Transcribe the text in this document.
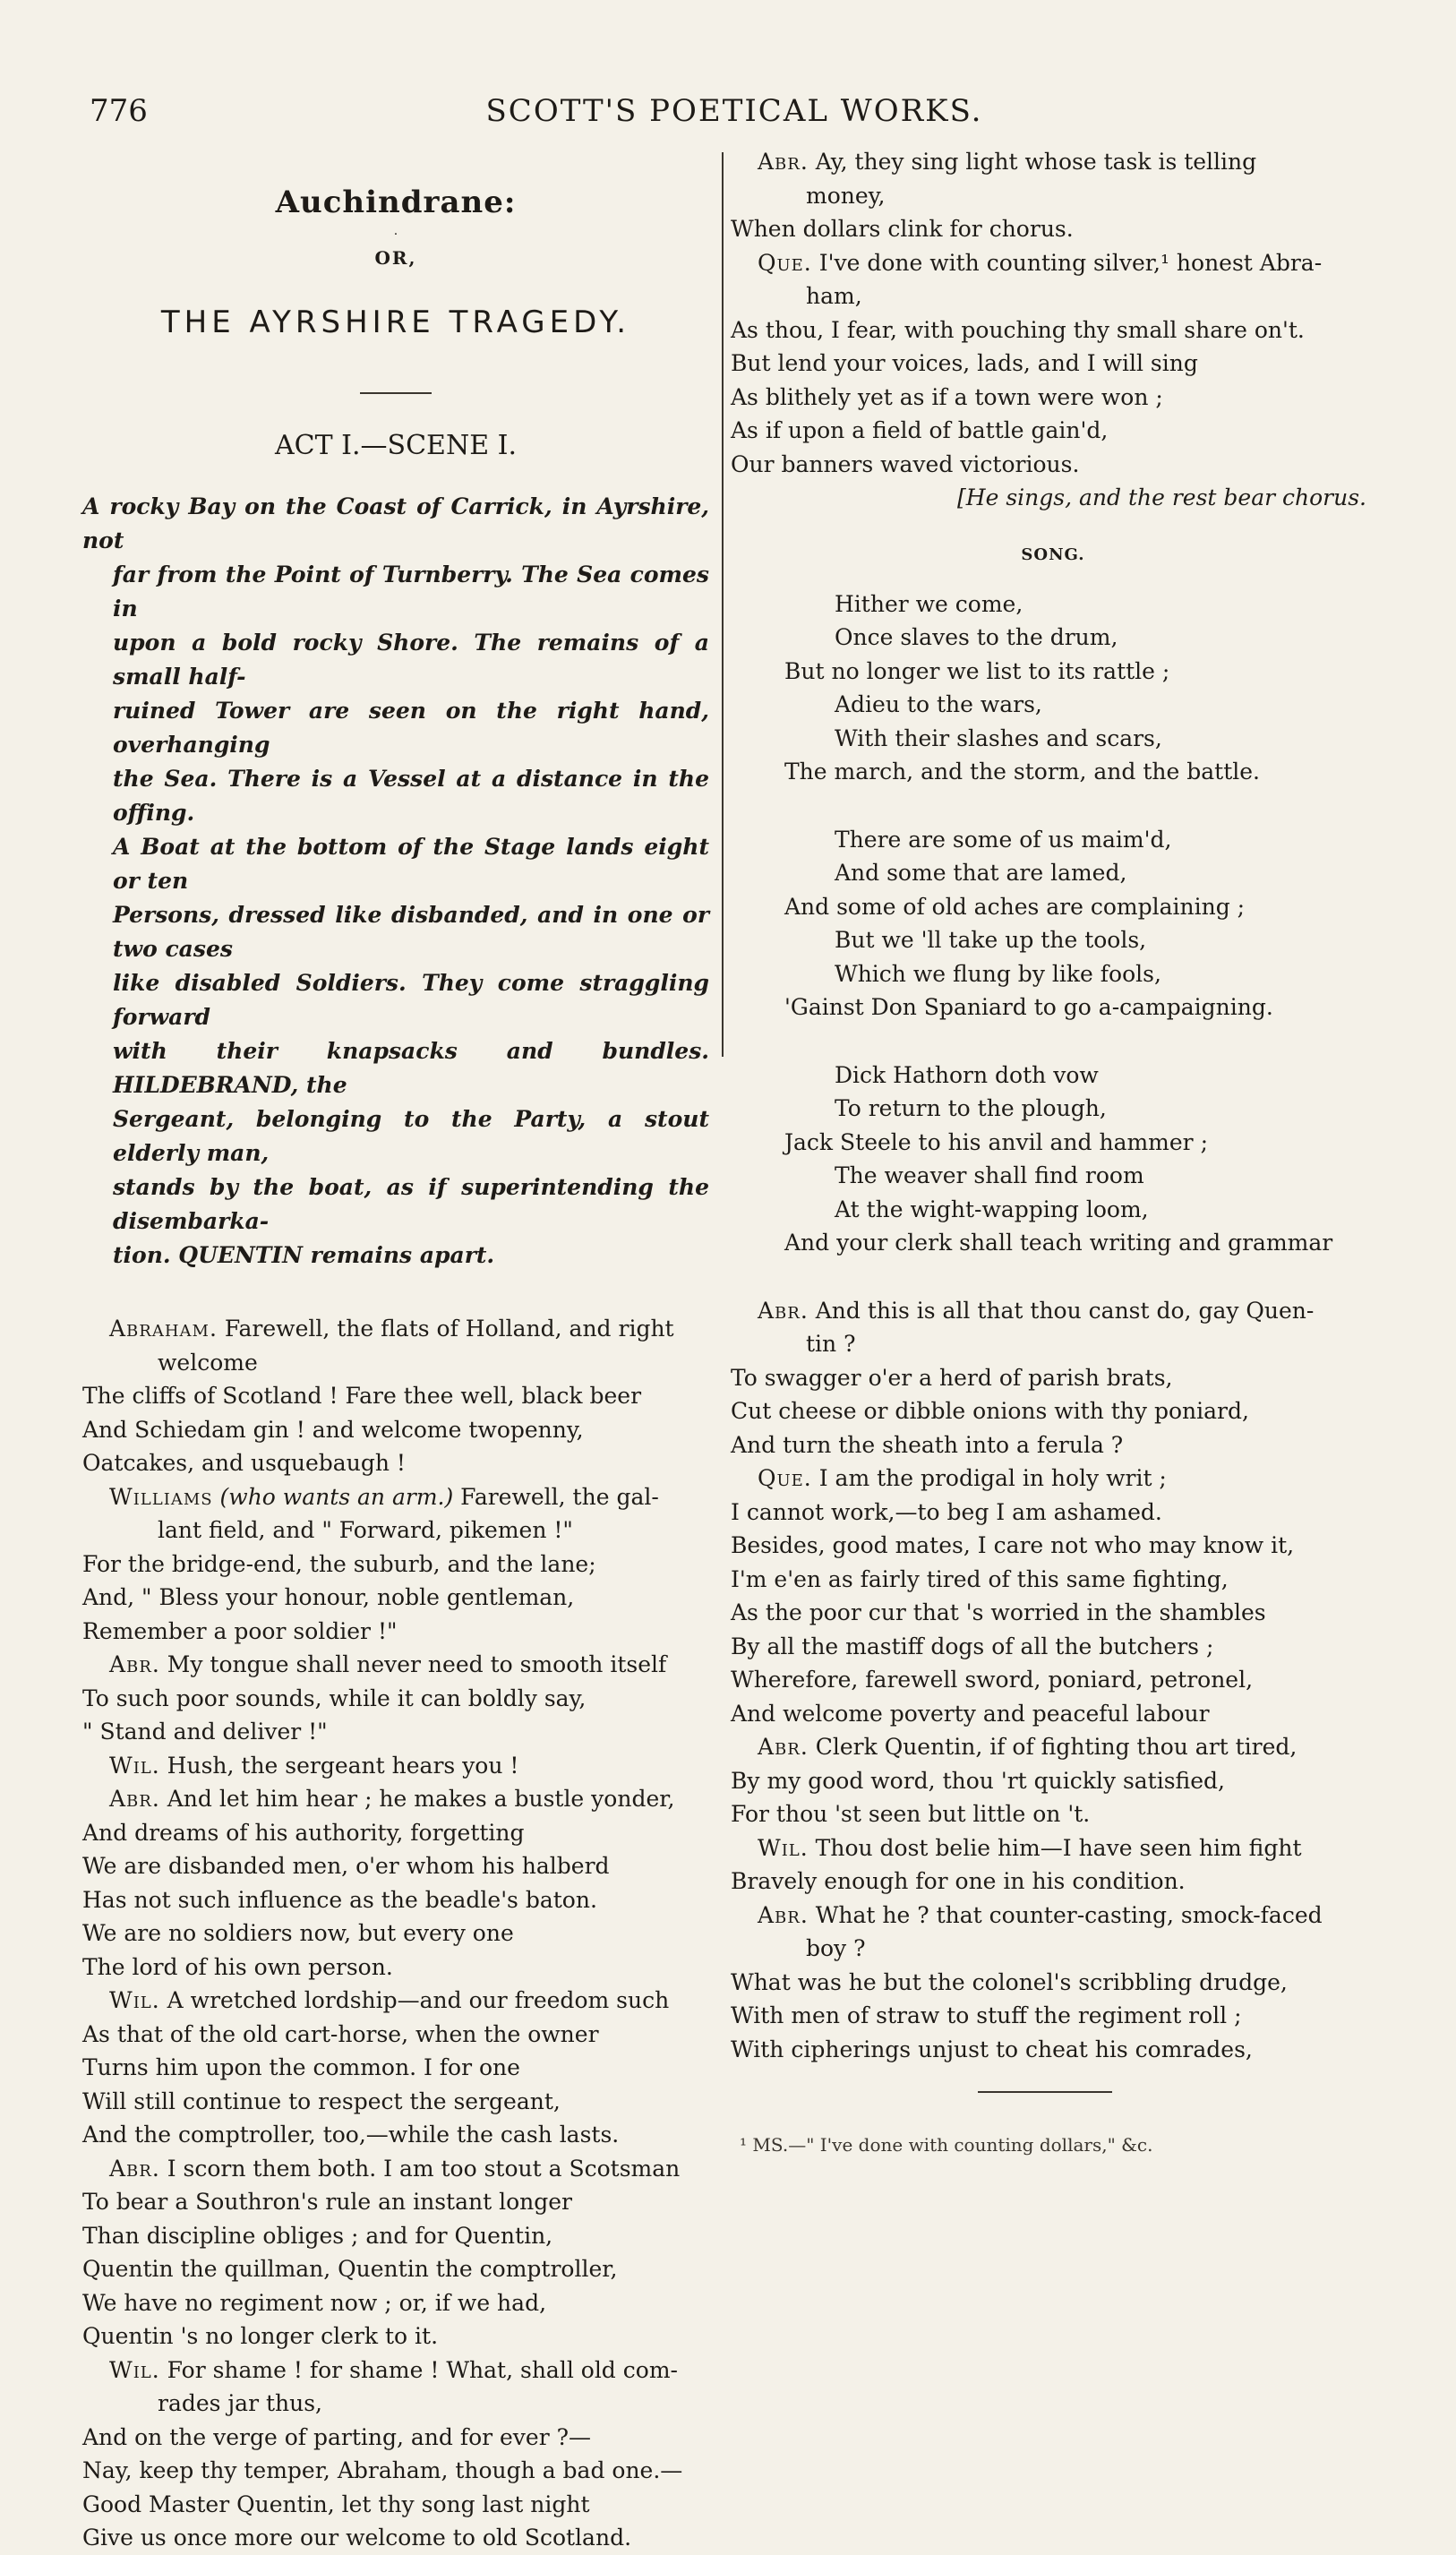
776	SCOTT'S POETICAL WORKS.
Auchindrane:
·
OR,
THE AYRSHIRE TRAGEDY.
ACT I.—SCENE I.
A rocky Bay on the Coast of Carrick, in Ayrshire, not
far from the Point of Turnberry. The Sea comes in
upon a bold rocky Shore. The remains of a small half-
ruined Tower are seen on the right hand, overhanging
the Sea. There is a Vessel at a distance in the offing.
A Boat at the bottom of the Stage lands eight or ten
Persons, dressed like disbanded, and in one or two cases
like disabled Soldiers. They come straggling forward
with their knapsacks and bundles. HILDEBRAND, the
Sergeant, belonging to the Party, a stout elderly man,
stands by the boat, as if superintending the disembarka-
tion. QUENTIN remains apart.
Abraham. Farewell, the flats of Holland, and right
welcome
The cliffs of Scotland ! Fare thee well, black beer
And Schiedam gin ! and welcome twopenny,
Oatcakes, and usquebaugh !
Williams (who wants an arm.) Farewell, the gal-
lant field, and " Forward, pikemen !"
For the bridge-end, the suburb, and the lane;
And, " Bless your honour, noble gentleman,
Remember a poor soldier !"
Abr. My tongue shall never need to smooth itself
To such poor sounds, while it can boldly say,
" Stand and deliver !"
Wil. Hush, the sergeant hears you !
Abr. And let him hear ; he makes a bustle yonder,
And dreams of his authority, forgetting
We are disbanded men, o'er whom his halberd
Has not such influence as the beadle's baton.
We are no soldiers now, but every one
The lord of his own person.
Wil. A wretched lordship—and our freedom such
As that of the old cart-horse, when the owner
Turns him upon the common. I for one
Will still continue to respect the sergeant,
And the comptroller, too,—while the cash lasts.
Abr. I scorn them both. I am too stout a Scotsman
To bear a Southron's rule an instant longer
Than discipline obliges ; and for Quentin,
Quentin the quillman, Quentin the comptroller,
We have no regiment now ; or, if we had,
Quentin 's no longer clerk to it.
Wil. For shame ! for shame ! What, shall old com-
rades jar thus,
And on the verge of parting, and for ever ?—
Nay, keep thy temper, Abraham, though a bad one.—
Good Master Quentin, let thy song last night
Give us once more our welcome to old Scotland.
Abr. Ay, they sing light whose task is telling
money,
When dollars clink for chorus.
Que. I've done with counting silver,¹ honest Abra-
ham,
As thou, I fear, with pouching thy small share on't.
But lend your voices, lads, and I will sing
As blithely yet as if a town were won ;
As if upon a field of battle gain'd,
Our banners waved victorious.
[He sings, and the rest bear chorus.
SONG.
Hither we come,
Once slaves to the drum,
But no longer we list to its rattle ;
Adieu to the wars,
With their slashes and scars,
The march, and the storm, and the battle.
There are some of us maim'd,
And some that are lamed,
And some of old aches are complaining ;
But we 'll take up the tools,
Which we flung by like fools,
'Gainst Don Spaniard to go a-campaigning.
Dick Hathorn doth vow
To return to the plough,
Jack Steele to his anvil and hammer ;
The weaver shall find room
At the wight-wapping loom,
And your clerk shall teach writing and grammar
Abr. And this is all that thou canst do, gay Quen-
tin ?
To swagger o'er a herd of parish brats,
Cut cheese or dibble onions with thy poniard,
And turn the sheath into a ferula ?
Que. I am the prodigal in holy writ ;
I cannot work,—to beg I am ashamed.
Besides, good mates, I care not who may know it,
I'm e'en as fairly tired of this same fighting,
As the poor cur that 's worried in the shambles
By all the mastiff dogs of all the butchers ;
Wherefore, farewell sword, poniard, petronel,
And welcome poverty and peaceful labour
Abr. Clerk Quentin, if of fighting thou art tired,
By my good word, thou 'rt quickly satisfied,
For thou 'st seen but little on 't.
Wil. Thou dost belie him—I have seen him fight
Bravely enough for one in his condition.
Abr. What he ? that counter-casting, smock-faced
boy ?
What was he but the colonel's scribbling drudge,
With men of straw to stuff the regiment roll ;
With cipherings unjust to cheat his comrades,
¹ MS.—" I've done with counting dollars," &c.
